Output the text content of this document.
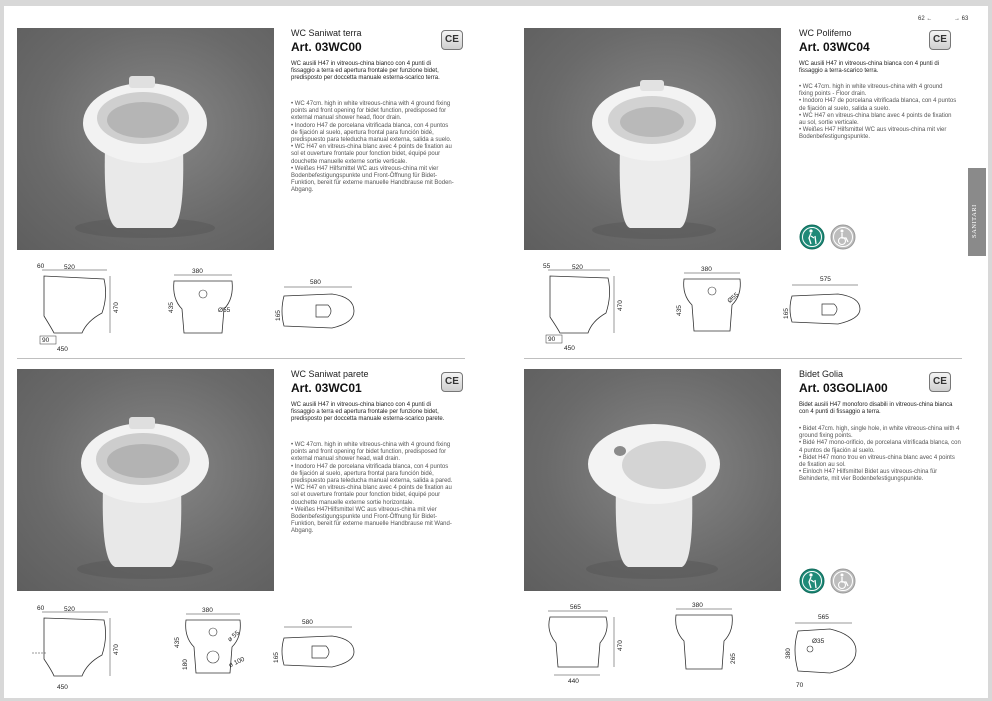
62 ←	→ 63
WC Saniwat terra
Art. 03WC00
CE
WC ausili H47 in vitreous-china bianco con 4 punti di fissaggio a terra ed apertura frontale per funzione bidet, predisposto per doccetta manuale esterna-scarico terra.
• WC 47cm. high in white vitreous-china with 4 ground fixing points and front opening for bidet function, predisposed for external manual shower head, floor drain.
• Inodoro H47 de porcelana vitrificada blanca, con 4 puntos de fijación al suelo, apertura frontal para función bidé, predispuesto para teleducha manual externa, salida a suelo.
• WC H47 en vitreus-china blanc avec 4 points de fixation au sol et ouverture frontale pour fonction bidet, équipé pour douchette manuelle externe sortie verticale.
• Weißes H47 Hilfsmittel WC aus vitreous-china mit vier Bodenbefestigungspunkte und Front-Öffnung für Bidet-Funktion, bereit für externe manuelle Handbrause mit Boden-Abgang.
60	520
470
90
450
380
435	Ø55
580
165
WC Polifemo
Art. 03WC04
CE
WC ausili H47 in vitreous-china bianca con 4 punti di fissaggio a terra-scarico terra.
• WC 47cm. high in white vitreous-china with 4 ground fixing points - Floor drain.
• Inodoro H47 de porcelana vitrificada blanca, con 4 puntos de fijación al suelo, salida a suelo.
• WC H47 en vitreus-china blanc avec 4 points de fixation au sol, sortie verticale.
• Weißes H47 Hilfsmittel WC aus vitreous-china mit vier Bodenbefestigungspunkte.
55	520
470
90
450
380
435
Ø55
575
165
SANITARI
WC Saniwat parete
Art. 03WC01	CE
WC ausili H47 in vitreous-china bianco con 4 punti di fissaggio a terra ed apertura frontale per funzione bidet, predisposto per doccetta manuale esterna-scarico parete.
• WC 47cm. high in white vitreous-china with 4 ground fixing points and front opening for bidet function, predisposed for external manual shower head, wall drain.
• Inodoro H47 de porcelana vitrificada blanca, con 4 puntos de fijación al suelo, apertura frontal para función bidé, predispuesto para teleducha manual externa, salida a pared.
• WC H47 en vitreus-china blanc avec 4 points de fixation au sol et ouverture frontale pour fonction bidet, équipé pour douchette manuelle externe sortie horizontale.
• Weißes H47Hilfsmittel WC aus vitreous-china mit vier Bodenbefestigungspunkte und Front-Öffnung für Bidet-Funktion, bereit für externe manuelle Handbrause mit Wand-Abgang.
60	520
470
450
380
435	ø 55
180	ø 100
580
165
Bidet Golia
Art. 03GOLIA00	CE
Bidet ausili H47 monoforo disabili in vitreous-china bianca con 4 punti di fissaggio a terra.
• Bidet 47cm. high, single hole, in white vitreous-china with 4 ground fixing points.
• Bidé H47 mono-orificio, de porcelana vitrificada blanca, con 4 puntos de fijación al suelo.
• Bidet H47 mono trou en vitreus-china blanc avec 4 points de fixation au sol.
• Einloch H47 Hilfsmittel Bidet aus vitreous-china für Behinderte, mit vier Bodenbefestigungspunkte.
565
470
440
380
265
565
Ø35
380
70
